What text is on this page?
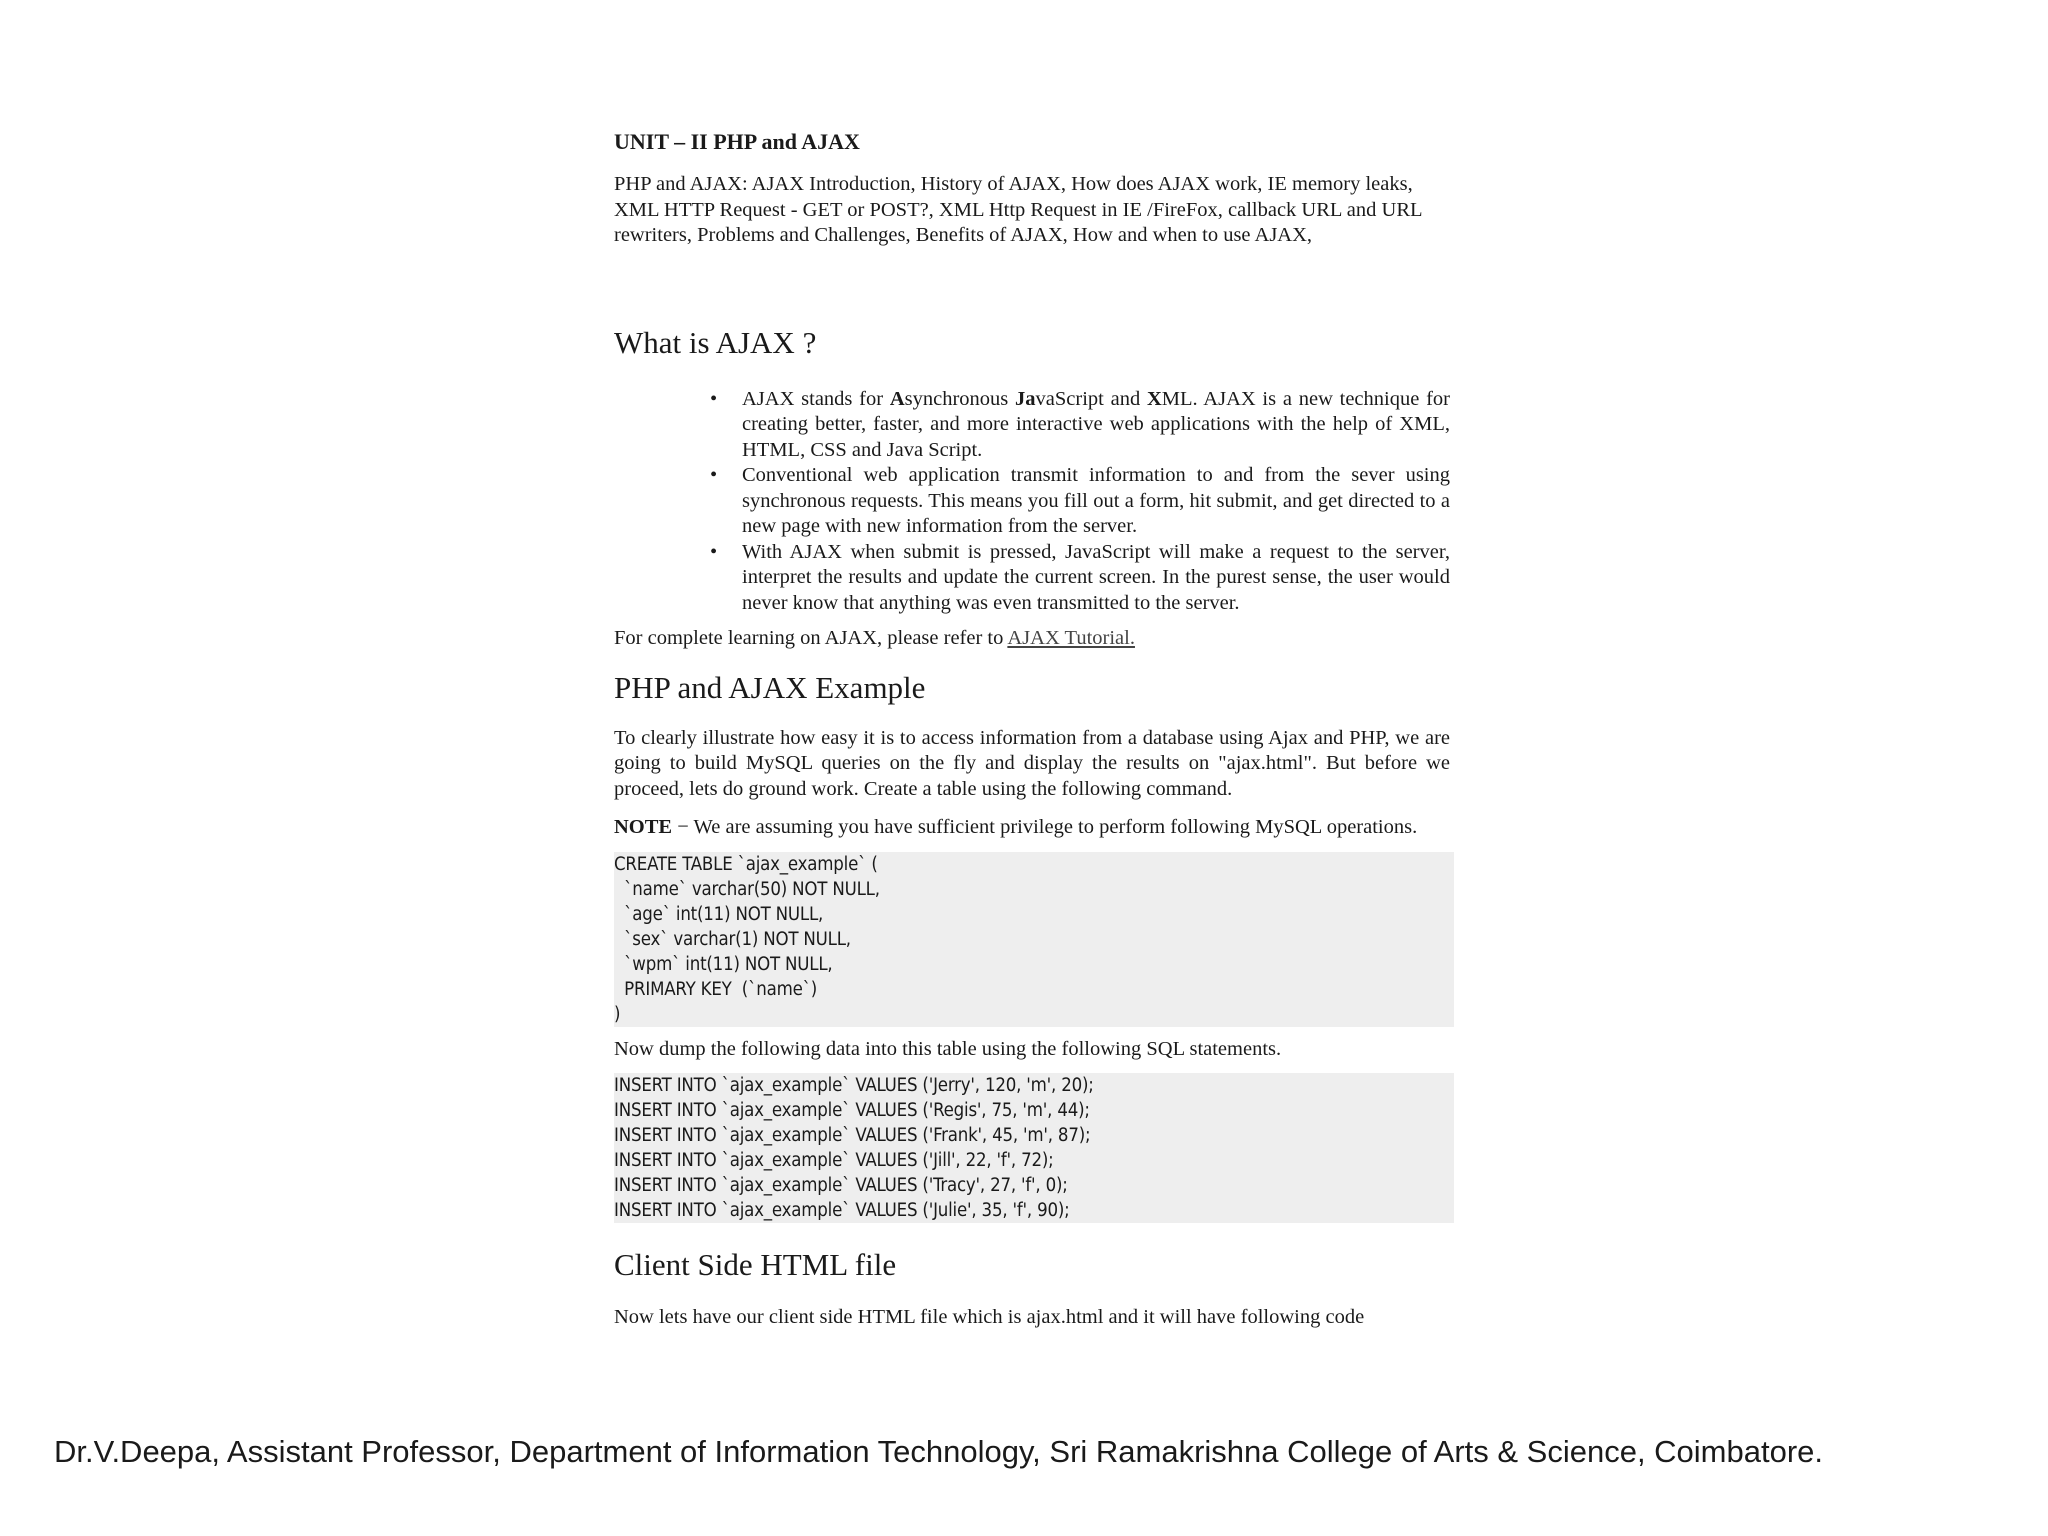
UNIT – II PHP and AJAX

PHP and AJAX: AJAX Introduction, History of AJAX, How does AJAX work, IE memory leaks, XML HTTP Request - GET or POST?, XML Http Request in IE /FireFox, callback URL and URL rewriters, Problems and Challenges, Benefits of AJAX, How and when to use AJAX,

What is AJAX ?
• AJAX stands for Asynchronous JavaScript and XML. AJAX is a new technique for creating better, faster, and more interactive web applications with the help of XML, HTML, CSS and Java Script.
• Conventional web application transmit information to and from the sever using synchronous requests. This means you fill out a form, hit submit, and get directed to a new page with new information from the server.
• With AJAX when submit is pressed, JavaScript will make a request to the server, interpret the results and update the current screen. In the purest sense, the user would never know that anything was even transmitted to the server.

For complete learning on AJAX, please refer to AJAX Tutorial.

PHP and AJAX Example

To clearly illustrate how easy it is to access information from a database using Ajax and PHP, we are going to build MySQL queries on the fly and display the results on "ajax.html". But before we proceed, lets do ground work. Create a table using the following command.

NOTE − We are assuming you have sufficient privilege to perform following MySQL operations.

CREATE TABLE `ajax_example` (
`name` varchar(50) NOT NULL,
`age` int(11) NOT NULL,
`sex` varchar(1) NOT NULL,
`wpm` int(11) NOT NULL,
PRIMARY KEY  (`name`)
)

Now dump the following data into this table using the following SQL statements.

INSERT INTO `ajax_example` VALUES ('Jerry', 120, 'm', 20);
INSERT INTO `ajax_example` VALUES ('Regis', 75, 'm', 44);
INSERT INTO `ajax_example` VALUES ('Frank', 45, 'm', 87);
INSERT INTO `ajax_example` VALUES ('Jill', 22, 'f', 72);
INSERT INTO `ajax_example` VALUES ('Tracy', 27, 'f', 0);
INSERT INTO `ajax_example` VALUES ('Julie', 35, 'f', 90);
Client Side HTML file

Now lets have our client side HTML file which is ajax.html and it will have following code

Dr.V.Deepa, Assistant Professor, Department of Information Technology, Sri Ramakrishna College of Arts & Science, Coimbatore.
